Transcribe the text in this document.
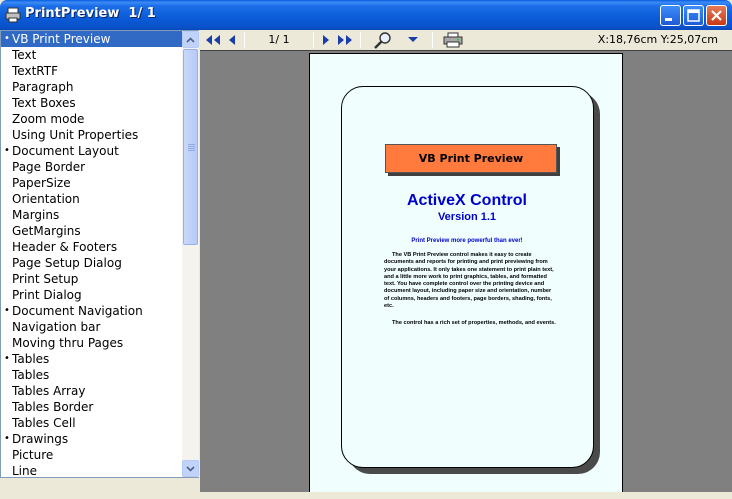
PrintPreview  1/ 1
• VB Print Preview
Text
TextRTF
Paragraph
Text Boxes
Zoom mode
Using Unit Properties
• Document Layout
Page Border
PaperSize
Orientation
Margins
GetMargins
Header & Footers
Page Setup Dialog
Print Setup
Print Dialog
• Document Navigation
Navigation bar
Moving thru Pages
• Tables
Tables
Tables Array
Tables Border
Tables Cell
• Drawings
Picture
Line
1/ 1	X:18,76cm Y:25,07cm
VB Print Preview
ActiveX Control
Version 1.1
Print Preview more powerful than ever!
The VB Print Preview control makes it easy to create documents and reports for printing and print previewing from your applications. It only takes one statement to print plain text, and a little more work to print graphics, tables, and formatted text. You have complete control over the printing device and document layout, including paper size and orientation, number of columns, headers and footers, page borders, shading, fonts, etc.
The control has a rich set of properties, methods, and events.
